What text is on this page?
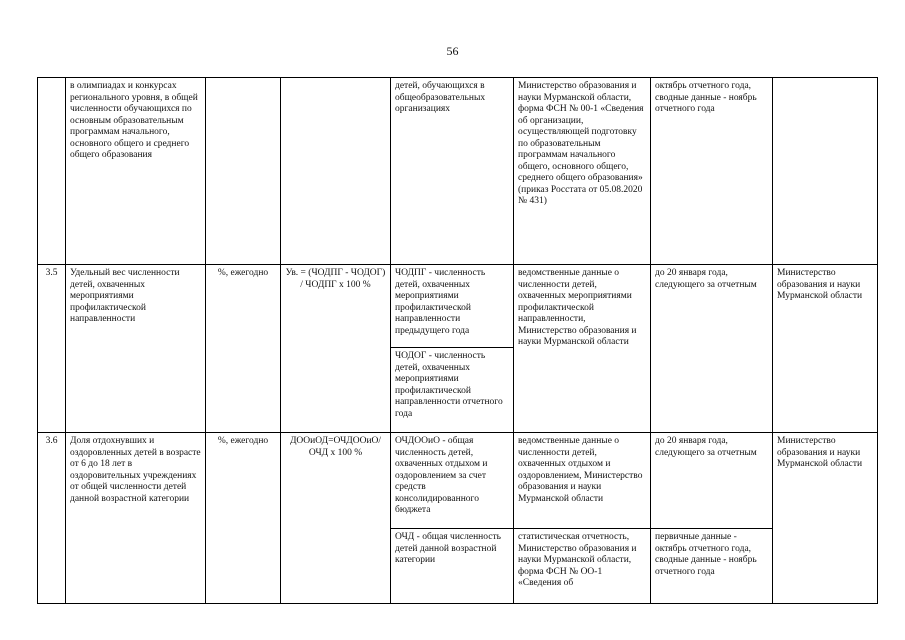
56
	в олимпиадах и конкурсах регионального уровня, в общей численности обучающихся по основным образовательным программам начального, основного общего и среднего общего образования			детей, обучающихся в общеобразовательных организациях	Министерство образования и науки Мурманской области, форма ФСН № 00-1 «Сведения об организации, осуществляющей подготовку по образовательным программам начального общего, основного общего, среднего общего образования» (приказ Росстата от 05.08.2020 № 431)	октябрь отчетного года, сводные данные - ноябрь отчетного года	
3.5	Удельный вес численности детей, охваченных мероприятиями профилактической направленности	%, ежегодно	Ув. = (ЧОДПГ - ЧОДОГ) / ЧОДПГ x 100 %	ЧОДПГ - численность детей, охваченных мероприятиями профилактической направленности предыдущего года	ведомственные данные о численности детей, охваченных мероприятиями профилактической направленности, Министерство образования и науки Мурманской области	до 20 января года, следующего за отчетным	Министерство образования и науки Мурманской области
				ЧОДОГ - численность детей, охваченных мероприятиями профилактической направленности отчетного года			
3.6	Доля отдохнувших и оздоровленных детей в возрасте от 6 до 18 лет в оздоровительных учреждениях от общей численности детей данной возрастной категории	%, ежегодно	ДООиОД=ОЧДООиО/ ОЧД x 100 %	ОЧДООиО - общая численность детей, охваченных отдыхом и оздоровлением за счет средств консолидированного бюджета	ведомственные данные о численности детей, охваченных отдыхом и оздоровлением, Министерство образования и науки Мурманской области	до 20 января года, следующего за отчетным	Министерство образования и науки Мурманской области
				ОЧД - общая численность детей данной возрастной категории	статистическая отчетность, Министерство образования и науки Мурманской области, форма ФСН № ОО-1 «Сведения об	первичные данные - октябрь отчетного года, сводные данные - ноябрь отчетного года	
